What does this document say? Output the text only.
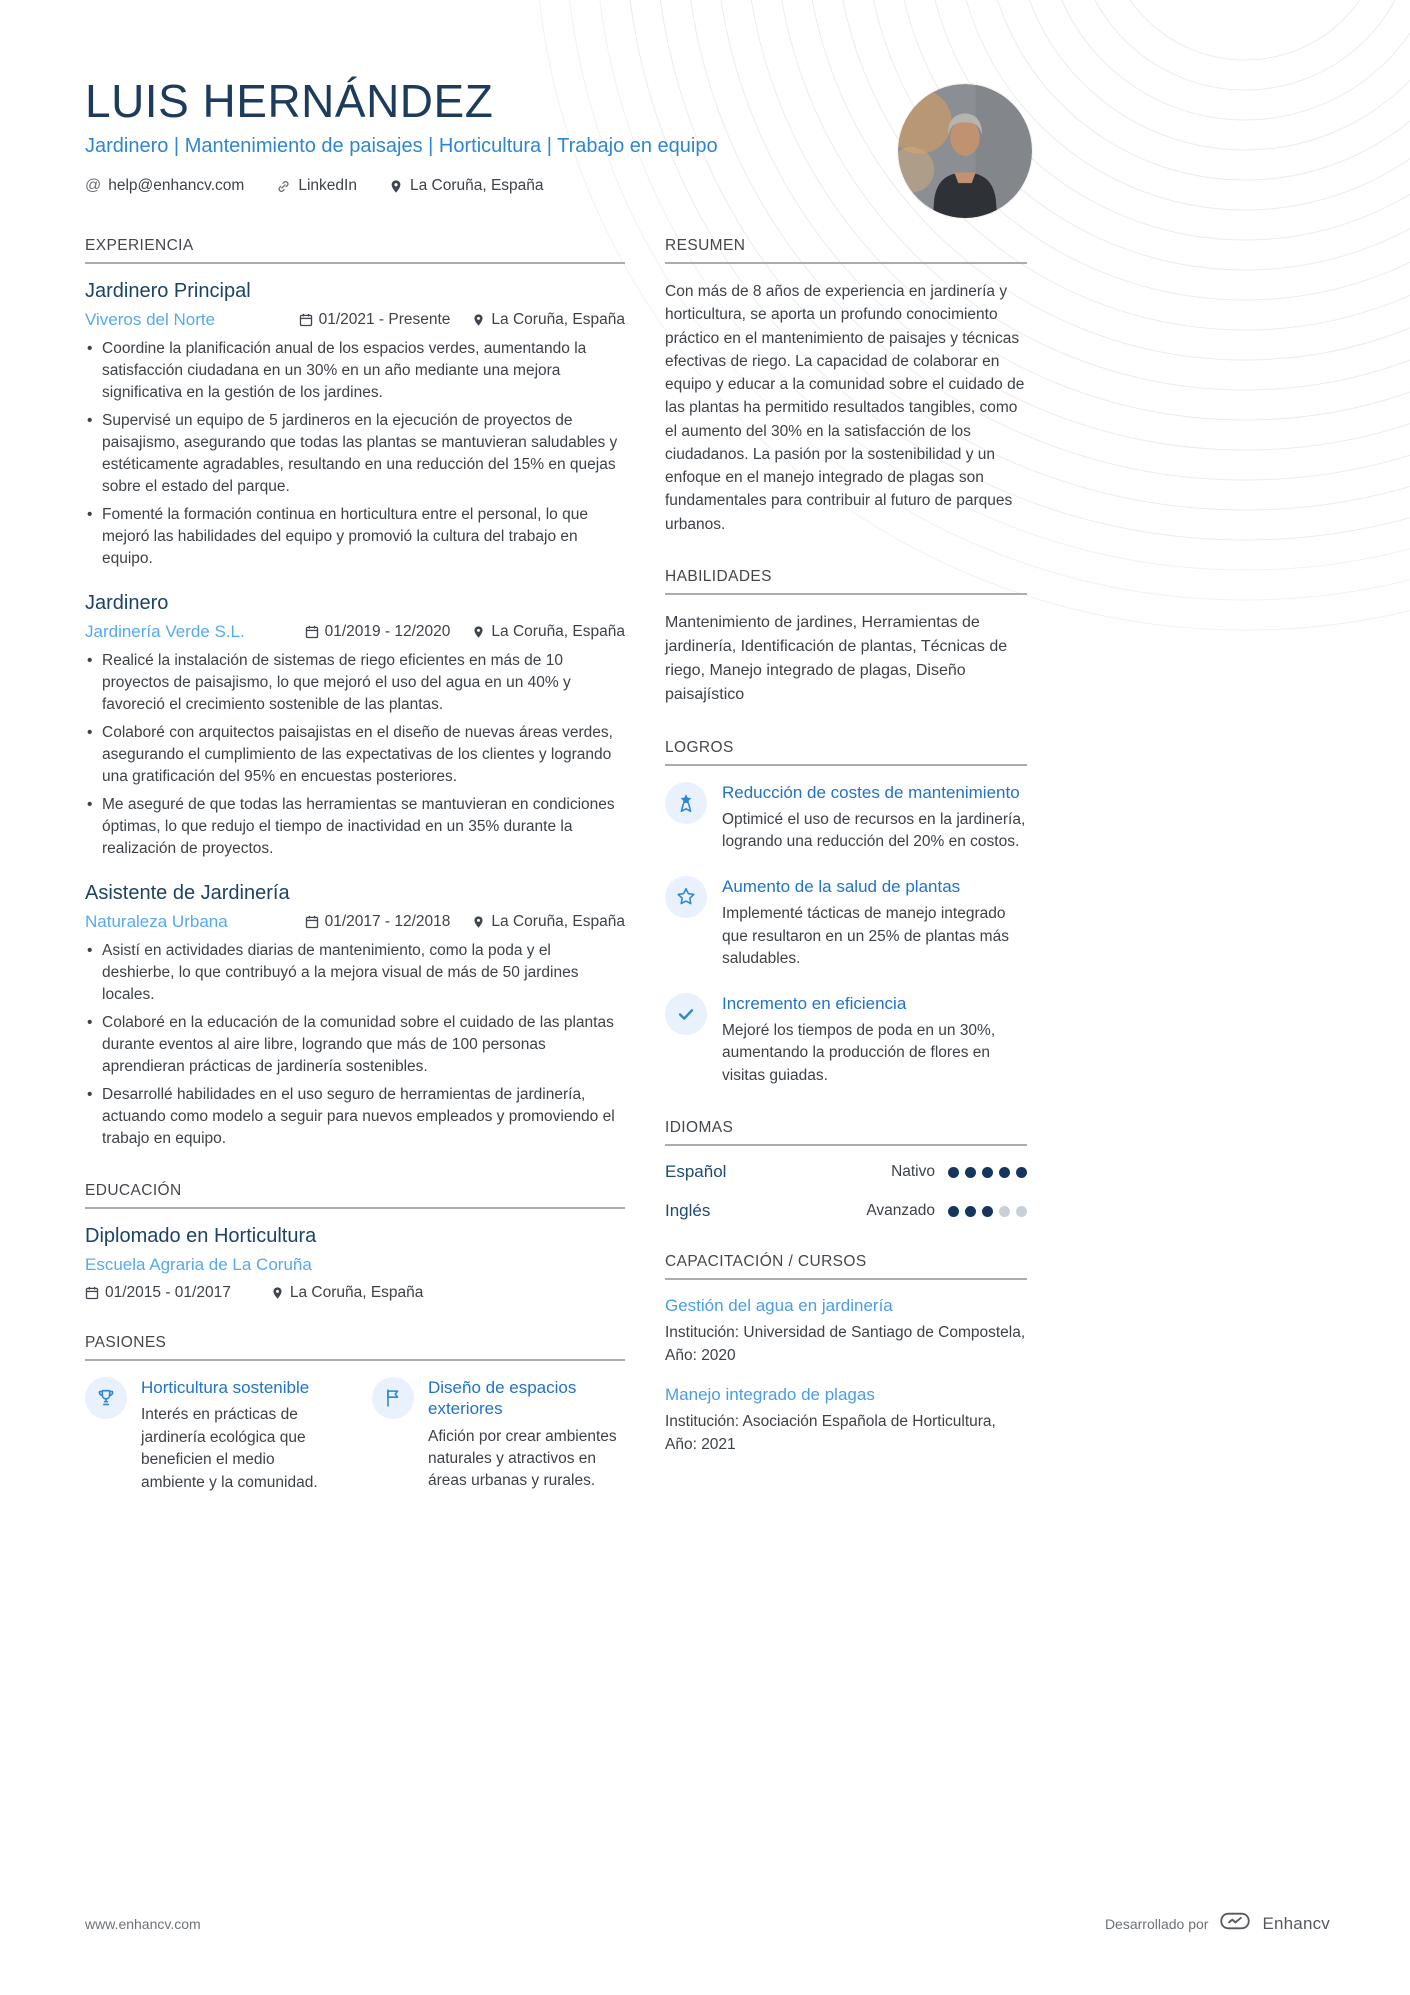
LUIS HERNÁNDEZ
Jardinero | Mantenimiento de paisajes | Horticultura | Trabajo en equipo
@ help@enhancv.com	LinkedIn	La Coruña, España
EXPERIENCIA
Jardinero Principal
Viveros del Norte	01/2021 - Presente	La Coruña, España
• Coordine la planificación anual de los espacios verdes, aumentando la satisfacción ciudadana en un 30% en un año mediante una mejora significativa en la gestión de los jardines.
• Supervisé un equipo de 5 jardineros en la ejecución de proyectos de paisajismo, asegurando que todas las plantas se mantuvieran saludables y estéticamente agradables, resultando en una reducción del 15% en quejas sobre el estado del parque.
• Fomenté la formación continua en horticultura entre el personal, lo que mejoró las habilidades del equipo y promovió la cultura del trabajo en equipo.
Jardinero
Jardinería Verde S.L.	01/2019 - 12/2020	La Coruña, España
• Realicé la instalación de sistemas de riego eficientes en más de 10 proyectos de paisajismo, lo que mejoró el uso del agua en un 40% y favoreció el crecimiento sostenible de las plantas.
• Colaboré con arquitectos paisajistas en el diseño de nuevas áreas verdes, asegurando el cumplimiento de las expectativas de los clientes y logrando una gratificación del 95% en encuestas posteriores.
• Me aseguré de que todas las herramientas se mantuvieran en condiciones óptimas, lo que redujo el tiempo de inactividad en un 35% durante la realización de proyectos.
Asistente de Jardinería
Naturaleza Urbana	01/2017 - 12/2018	La Coruña, España
• Asistí en actividades diarias de mantenimiento, como la poda y el deshierbe, lo que contribuyó a la mejora visual de más de 50 jardines locales.
• Colaboré en la educación de la comunidad sobre el cuidado de las plantas durante eventos al aire libre, logrando que más de 100 personas aprendieran prácticas de jardinería sostenibles.
• Desarrollé habilidades en el uso seguro de herramientas de jardinería, actuando como modelo a seguir para nuevos empleados y promoviendo el trabajo en equipo.
EDUCACIÓN
Diplomado en Horticultura
Escuela Agraria de La Coruña
01/2015 - 01/2017	La Coruña, España
PASIONES
Horticultura sostenible
Interés en prácticas de jardinería ecológica que beneficien el medio ambiente y la comunidad.
Diseño de espacios exteriores
Afición por crear ambientes naturales y atractivos en áreas urbanas y rurales.
RESUMEN

Con más de 8 años de experiencia en jardinería y horticultura, se aporta un profundo conocimiento práctico en el mantenimiento de paisajes y técnicas efectivas de riego. La capacidad de colaborar en equipo y educar a la comunidad sobre el cuidado de las plantas ha permitido resultados tangibles, como el aumento del 30% en la satisfacción de los ciudadanos. La pasión por la sostenibilidad y un enfoque en el manejo integrado de plagas son fundamentales para contribuir al futuro de parques urbanos.

HABILIDADES

Mantenimiento de jardines, Herramientas de jardinería, Identificación de plantas, Técnicas de riego, Manejo integrado de plagas, Diseño paisajístico

LOGROS
Reducción de costes de mantenimiento
Optimicé el uso de recursos en la jardinería, logrando una reducción del 20% en costos.
Aumento de la salud de plantas
Implementé tácticas de manejo integrado que resultaron en un 25% de plantas más saludables.
Incremento en eficiencia
Mejoré los tiempos de poda en un 30%, aumentando la producción de flores en visitas guiadas.
IDIOMAS
Español	Nativo
Inglés	Avanzado
CAPACITACIÓN / CURSOS
Gestión del agua en jardinería
Institución: Universidad de Santiago de Compostela, Año: 2020
Manejo integrado de plagas
Institución: Asociación Española de Horticultura, Año: 2021
www.enhancv.com	Desarrollado por	Enhancv
